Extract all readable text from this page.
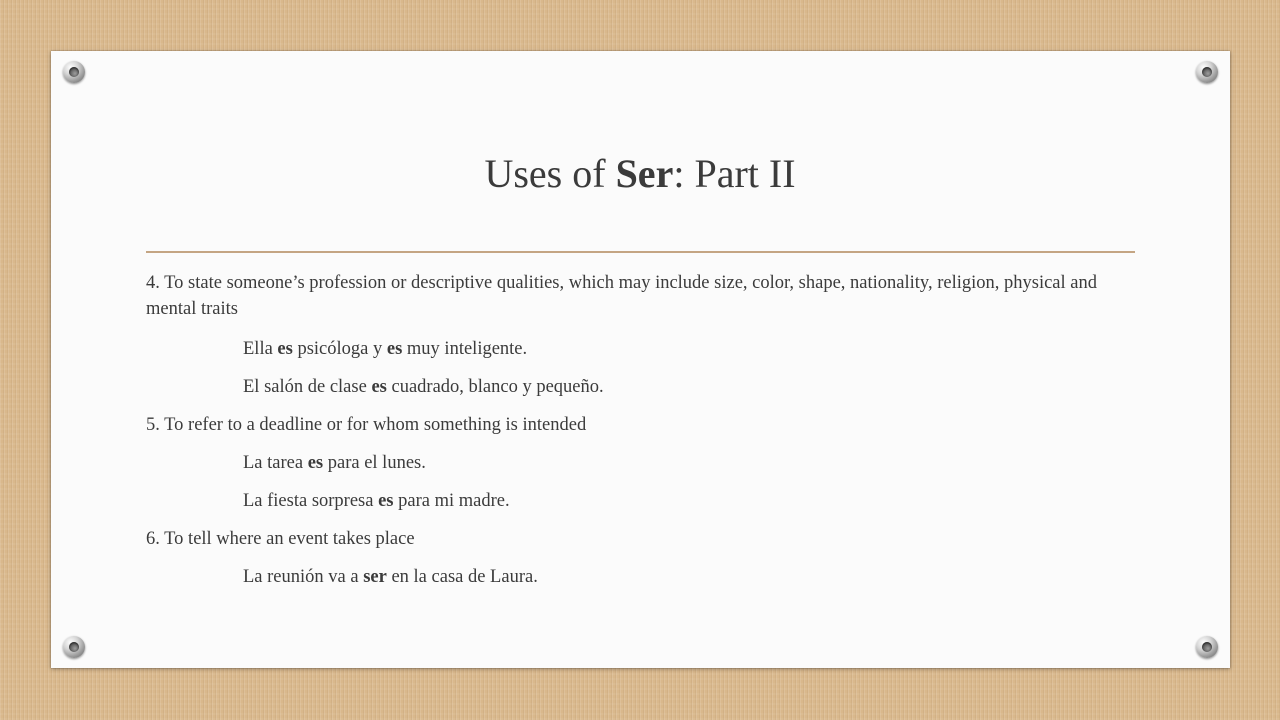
Uses of Ser: Part II
4. To state someone’s profession or descriptive qualities, which may include size, color, shape, nationality, religion, physical and mental traits
Ella es psicóloga y es muy inteligente.
El salón de clase es cuadrado, blanco y pequeño.
5. To refer to a deadline or for whom something is intended
La tarea es para el lunes.
La fiesta sorpresa es para mi madre.
6. To tell where an event takes place
La reunión va a ser en la casa de Laura.
